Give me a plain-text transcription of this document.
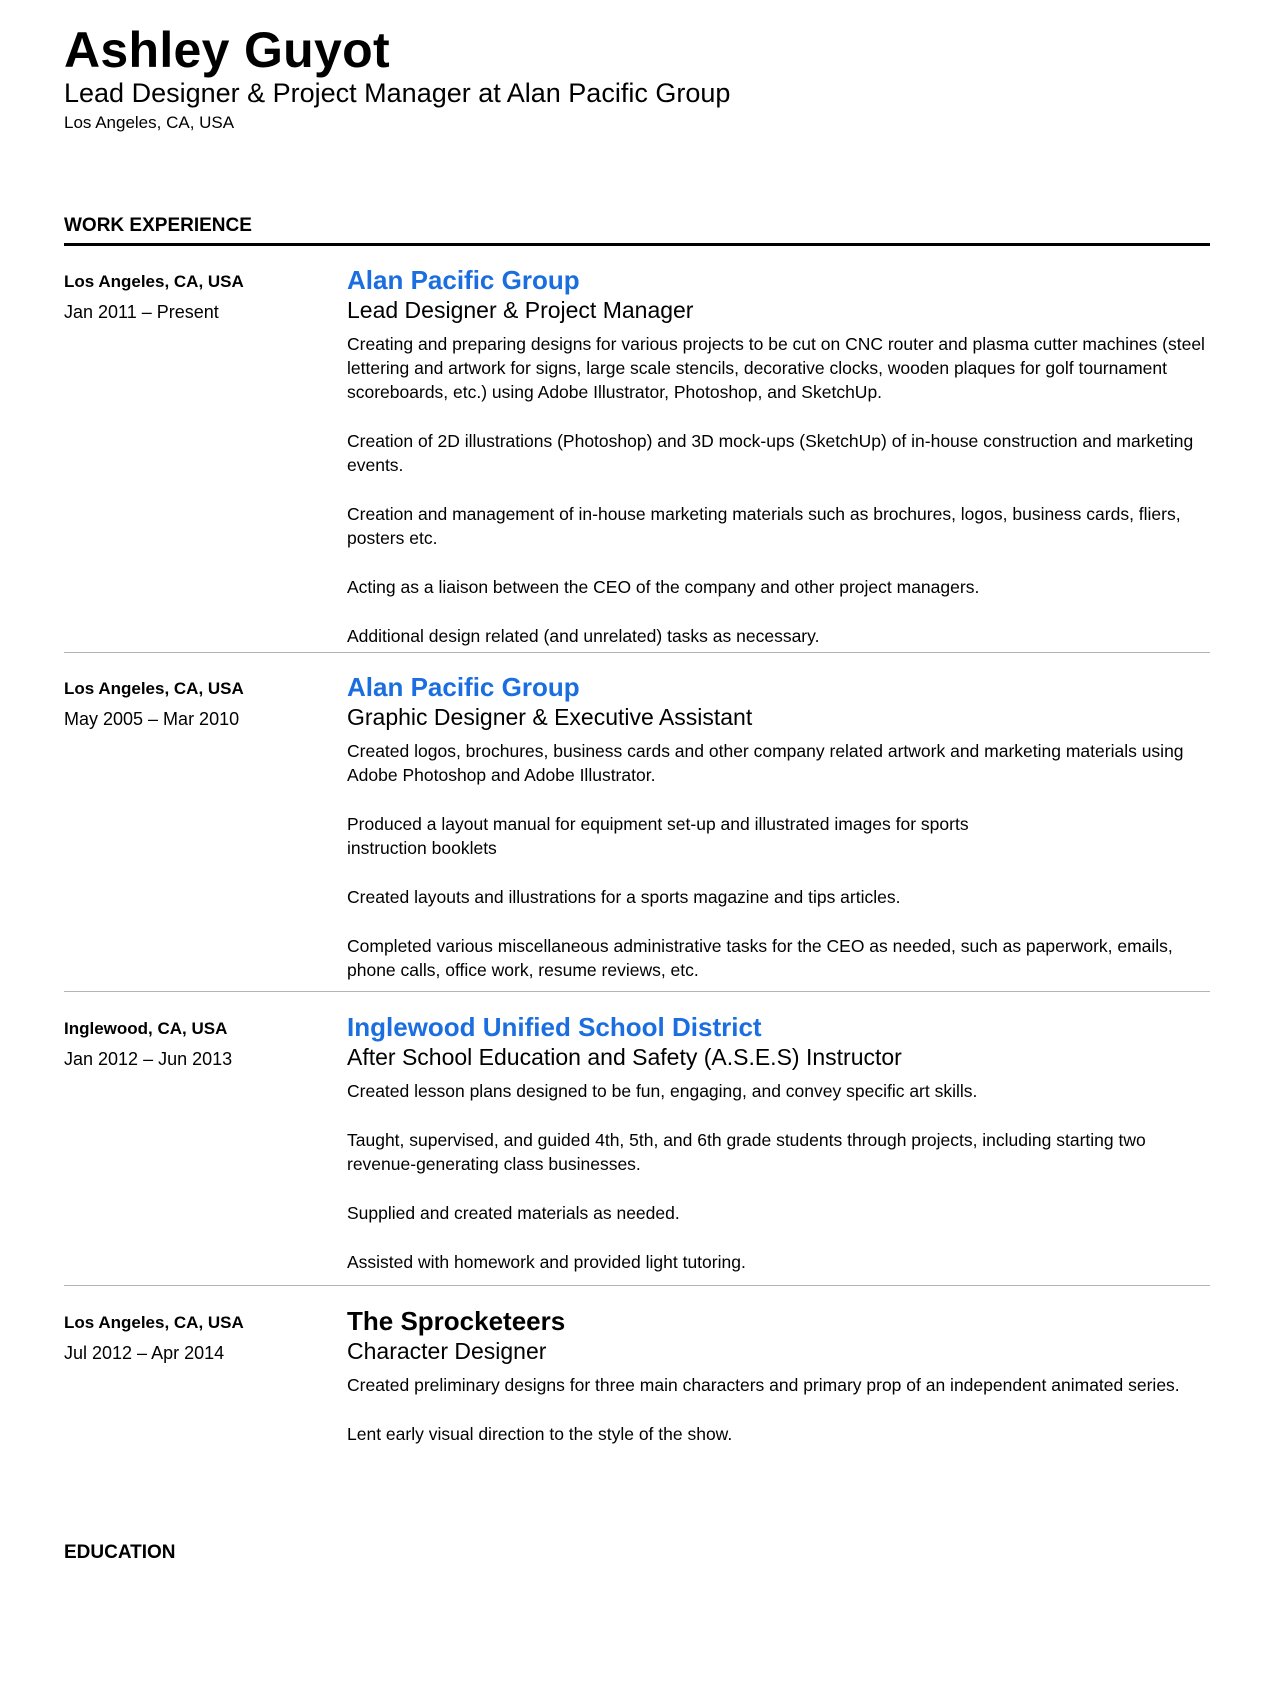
Ashley Guyot
Lead Designer & Project Manager at Alan Pacific Group
Los Angeles, CA, USA
WORK EXPERIENCE
Los Angeles, CA, USA
Jan 2011 – Present
Alan Pacific Group
Lead Designer & Project Manager

Creating and preparing designs for various projects to be cut on CNC router and plasma cutter machines (steel lettering and artwork for signs, large scale stencils, decorative clocks, wooden plaques for golf tournament scoreboards, etc.) using Adobe Illustrator, Photoshop, and SketchUp.

Creation of 2D illustrations (Photoshop) and 3D mock-ups (SketchUp) of in-house construction and marketing events.

Creation and management of in-house marketing materials such as brochures, logos, business cards, fliers, posters etc.

Acting as a liaison between the CEO of the company and other project managers.

Additional design related (and unrelated) tasks as necessary.

Los Angeles, CA, USA
May 2005 – Mar 2010
Alan Pacific Group
Graphic Designer & Executive Assistant

Created logos, brochures, business cards and other company related artwork and marketing materials using Adobe Photoshop and Adobe Illustrator.

Produced a layout manual for equipment set-up and illustrated images for sports
instruction booklets

Created layouts and illustrations for a sports magazine and tips articles.

Completed various miscellaneous administrative tasks for the CEO as needed, such as paperwork, emails, phone calls, office work, resume reviews, etc.

Inglewood, CA, USA
Jan 2012 – Jun 2013
Inglewood Unified School District
After School Education and Safety (A.S.E.S) Instructor

Created lesson plans designed to be fun, engaging, and convey specific art skills.

Taught, supervised, and guided 4th, 5th, and 6th grade students through projects, including starting two revenue-generating class businesses.

Supplied and created materials as needed.

Assisted with homework and provided light tutoring.

Los Angeles, CA, USA
Jul 2012 – Apr 2014
The Sprocketeers
Character Designer

Created preliminary designs for three main characters and primary prop of an independent animated series.

Lent early visual direction to the style of the show.

EDUCATION
